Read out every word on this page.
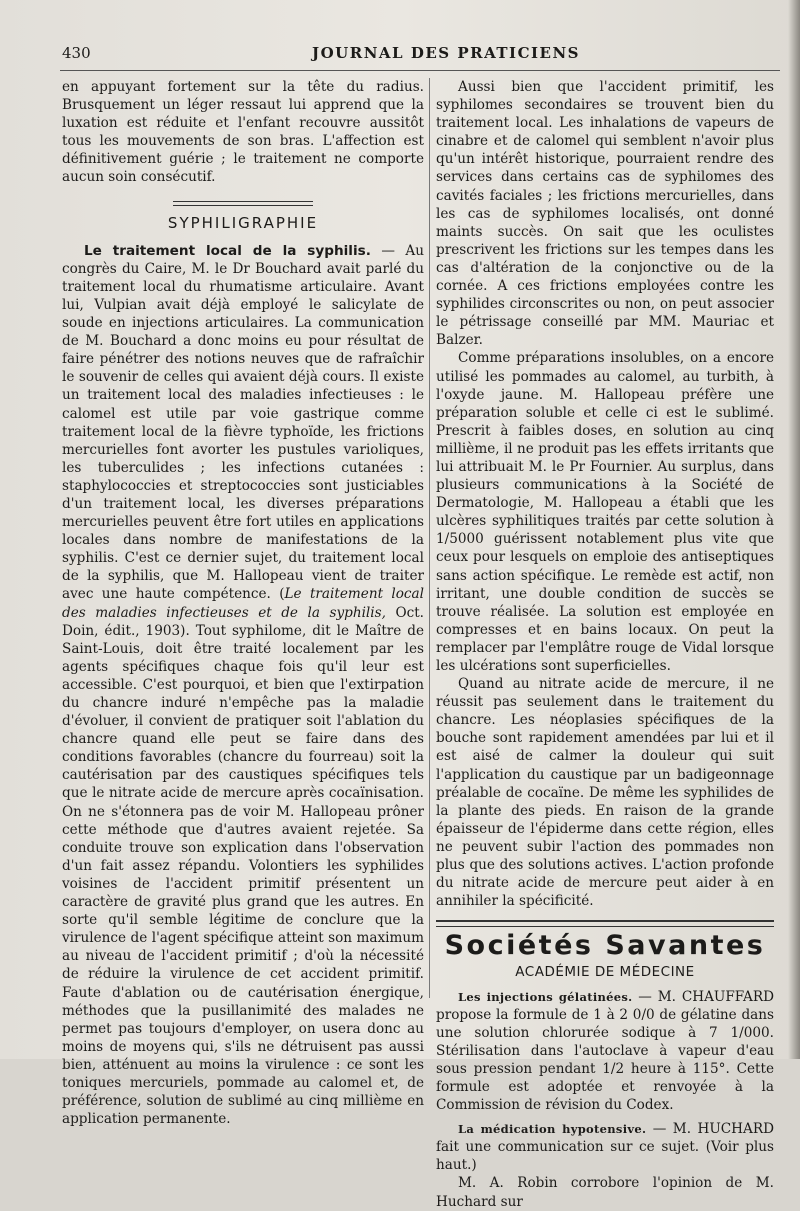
430	JOURNAL DES PRATICIENS

en appuyant fortement sur la tête du radius. Brusquement un léger ressaut lui apprend que la luxation est réduite et l'enfant recouvre aussitôt tous les mouvements de son bras. L'affection est définitivement guérie ; le traitement ne comporte aucun soin consécutif.

SYPHILIGRAPHIE

Le traitement local de la syphilis. — Au congrès du Caire, M. le Dr Bouchard avait parlé du traitement local du rhumatisme articulaire. Avant lui, Vulpian avait déjà employé le salicylate de soude en injections articulaires. La communication de M. Bouchard a donc moins eu pour résultat de faire pénétrer des notions neuves que de rafraîchir le souvenir de celles qui avaient déjà cours. Il existe un traitement local des maladies infectieuses : le calomel est utile par voie gastrique comme traitement local de la fièvre typhoïde, les frictions mercurielles font avorter les pustules varioliques, les tuberculides ; les infections cutanées : staphylococcies et streptococcies sont justiciables d'un traitement local, les diverses préparations mercurielles peuvent être fort utiles en applications locales dans nombre de manifestations de la syphilis. C'est ce dernier sujet, du traitement local de la syphilis, que M. Hallopeau vient de traiter avec une haute compétence. (Le traitement local des maladies infectieuses et de la syphilis, Oct. Doin, édit., 1903). Tout syphilome, dit le Maître de Saint-Louis, doit être traité localement par les agents spécifiques chaque fois qu'il leur est accessible. C'est pourquoi, et bien que l'extirpation du chancre induré n'empêche pas la maladie d'évoluer, il convient de pratiquer soit l'ablation du chancre quand elle peut se faire dans des conditions favorables (chancre du fourreau) soit la cautérisation par des caustiques spécifiques tels que le nitrate acide de mercure après cocaïnisation. On ne s'étonnera pas de voir M. Hallopeau prôner cette méthode que d'autres avaient rejetée. Sa conduite trouve son explication dans l'observation d'un fait assez répandu. Volontiers les syphilides voisines de l'accident primitif présentent un caractère de gravité plus grand que les autres. En sorte qu'il semble légitime de conclure que la virulence de l'agent spécifique atteint son maximum au niveau de l'accident primitif ; d'où la nécessité de réduire la virulence de cet accident primitif. Faute d'ablation ou de cautérisation énergique, méthodes que la pusillanimité des malades ne permet pas toujours d'employer, on usera donc au moins de moyens qui, s'ils ne détruisent pas aussi bien, atténuent au moins la virulence : ce sont les toniques mercuriels, pommade au calomel et, de préférence, solution de sublimé au cinq millième en application permanente.

Aussi bien que l'accident primitif, les syphilomes secondaires se trouvent bien du traitement local. Les inhalations de vapeurs de cinabre et de calomel qui semblent n'avoir plus qu'un intérêt historique, pourraient rendre des services dans certains cas de syphilomes des cavités faciales ; les frictions mercurielles, dans les cas de syphilomes localisés, ont donné maints succès. On sait que les oculistes prescrivent les frictions sur les tempes dans les cas d'altération de la conjonctive ou de la cornée. A ces frictions employées contre les syphilides circonscrites ou non, on peut associer le pétrissage conseillé par MM. Mauriac et Balzer.

Comme préparations insolubles, on a encore utilisé les pommades au calomel, au turbith, à l'oxyde jaune. M. Hallopeau préfère une préparation soluble et celle ci est le sublimé. Prescrit à faibles doses, en solution au cinq millième, il ne produit pas les effets irritants que lui attribuait M. le Pr Fournier. Au surplus, dans plusieurs communications à la Société de Dermatologie, M. Hallopeau a établi que les ulcères syphilitiques traités par cette solution à 1/5000 guérissent notablement plus vite que ceux pour lesquels on emploie des antiseptiques sans action spécifique. Le remède est actif, non irritant, une double condition de succès se trouve réalisée. La solution est employée en compresses et en bains locaux. On peut la remplacer par l'emplâtre rouge de Vidal lorsque les ulcérations sont superficielles.

Quand au nitrate acide de mercure, il ne réussit pas seulement dans le traitement du chancre. Les néoplasies spécifiques de la bouche sont rapidement amendées par lui et il est aisé de calmer la douleur qui suit l'application du caustique par un badigeonnage préalable de cocaïne. De même les syphilides de la plante des pieds. En raison de la grande épaisseur de l'épiderme dans cette région, elles ne peuvent subir l'action des pommades non plus que des solutions actives. L'action profonde du nitrate acide de mercure peut aider à en annihiler la spécificité.

Sociétés Savantes
ACADÉMIE DE MÉDECINE

Les injections gélatinées. — M. CHAUFFARD propose la formule de 1 à 2 0/0 de gélatine dans une solution chlorurée sodique à 7 1/000. Stérilisation dans l'autoclave à vapeur d'eau sous pression pendant 1/2 heure à 115°. Cette formule est adoptée et renvoyée à la Commission de révision du Codex.

La médication hypotensive. — M. HUCHARD fait une communication sur ce sujet. (Voir plus haut.)

M. A. Robin corrobore l'opinion de M. Huchard sur
